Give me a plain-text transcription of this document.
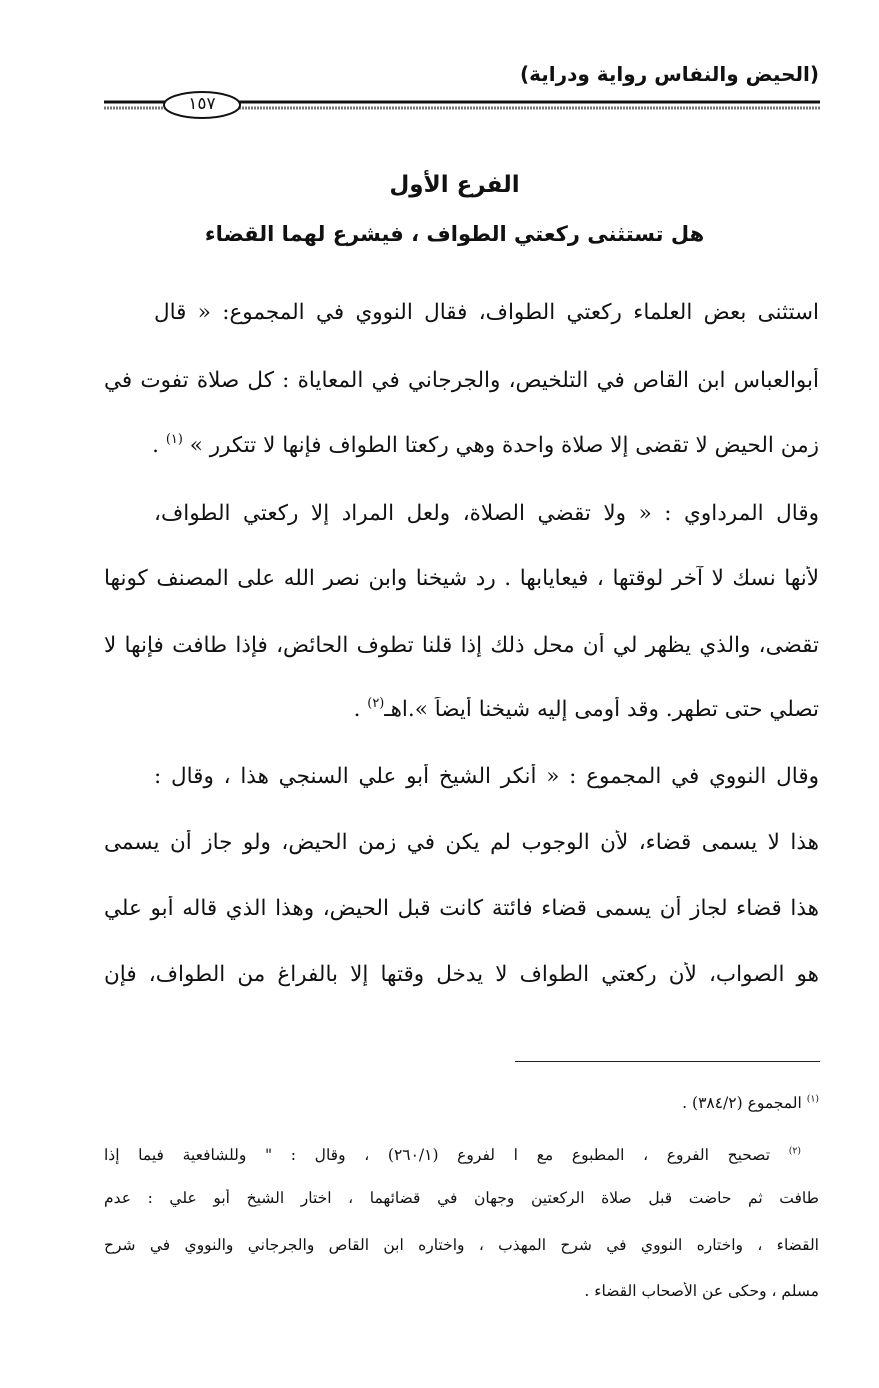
(الحيض والنفاس رواية ودراية)
١٥٧
الفرع الأول
هل تستثنى ركعتي الطواف ، فيشرع لهما القضاء
استثنى بعض العلماء ركعتي الطواف، فقال النووي في المجموع: « قال
أبوالعباس ابن القاص في التلخيص، والجرجاني في المعاياة : كل صلاة تفوت في
زمن الحيض لا تقضى إلا صلاة واحدة وهي ركعتا الطواف فإنها لا تتكرر » $^{(١)}$ .
وقال المرداوي : « ولا تقضي الصلاة، ولعل المراد إلا ركعتي الطواف،
لأنها نسك لا آخر لوقتها ، فيعايابها . رد شيخنا وابن نصر الله على المصنف كونها
تقضى، والذي يظهر لي أن محل ذلك إذا قلنا تطوف الحائض، فإذا طافت فإنها لا
تصلي حتى تطهر. وقد أومى إليه شيخنا أيضاً ».اهـ$^{(٢)}$ .
وقال النووي في المجموع : « أنكر الشيخ أبو علي السنجي هذا ، وقال :
هذا لا يسمى قضاء، لأن الوجوب لم يكن في زمن الحيض، ولو جاز أن يسمى
هذا قضاء لجاز أن يسمى قضاء فائتة كانت قبل الحيض، وهذا الذي قاله أبو علي
هو الصواب، لأن ركعتي الطواف لا يدخل وقتها إلا بالفراغ من الطواف، فإن
$^{(١)}$ المجموع (٣٨٤/٢) .
$^{(٢)}$ تصحيح الفروع ، المطبوع مع ا لفروع (٢٦٠/١) ، وقال : " وللشافعية فيما إذا
طافت ثم حاضت قبل صلاة الركعتين وجهان في قضائهما ، اختار الشيخ أبو علي : عدم
القضاء ، واختاره النووي في شرح المهذب ، واختاره ابن القاص والجرجاني والنووي في شرح
مسلم ، وحكى عن الأصحاب القضاء .
